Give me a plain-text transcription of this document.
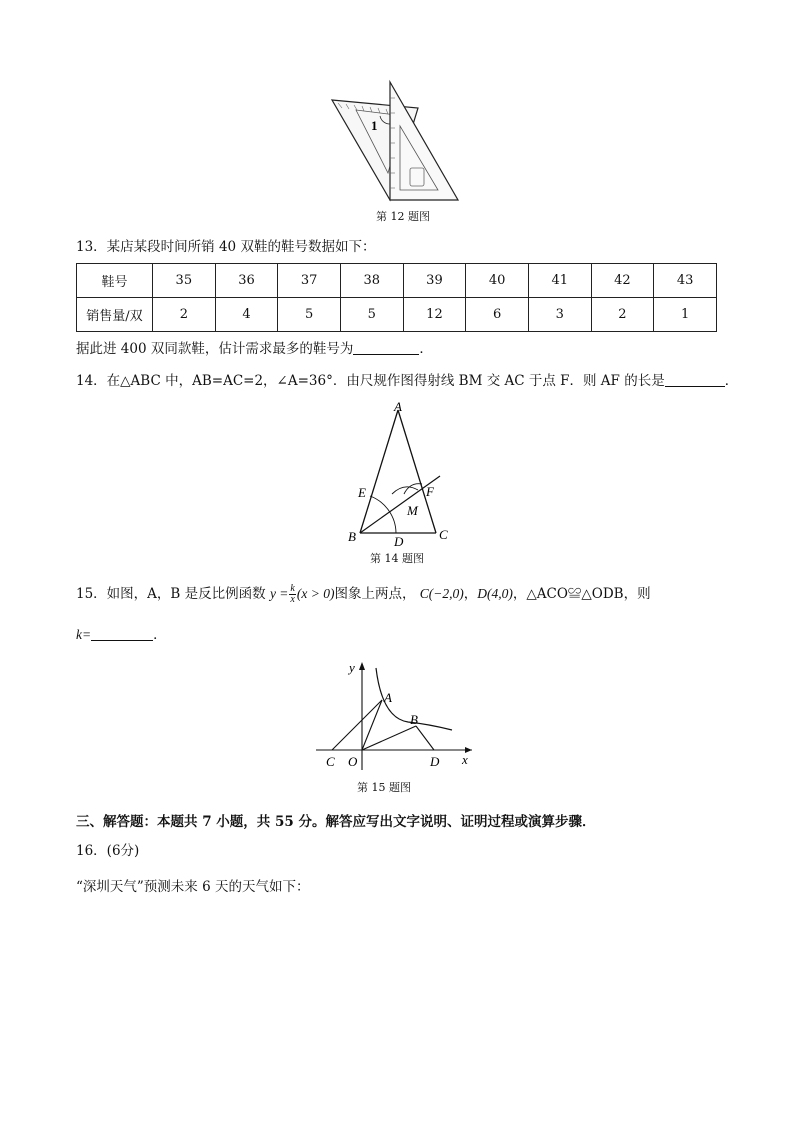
1
第 12 题图
13．某店某段时间所销 40 双鞋的鞋号数据如下：
鞋号	35	36	37	38	39	40	41	42	43
销售量/双	2	4	5	5	12	6	3	2	1
据此进 400 双同款鞋，估计需求最多的鞋号为	．
14．在△ABC 中，AB=AC=2，∠A=36°．由尺规作图得射线 BM 交 AC 于点 F．则 AF 的长是	．
A
B	C
D
E	F
M
第 14 题图
15．如图，A，B 是反比例函数 $y = \frac{k}{x} (x > 0)$图象上两点， C(−2,0)，D(4,0)，△ACO≌△ODB，则
k=	．
y
x
A
B
C O	D
第 15 题图
三、解答题：本题共 7 小题，共 55 分。解答应写出文字说明、证明过程或演算步骤．
16．(6分)
“深圳天气”预测未来 6 天的天气如下：
